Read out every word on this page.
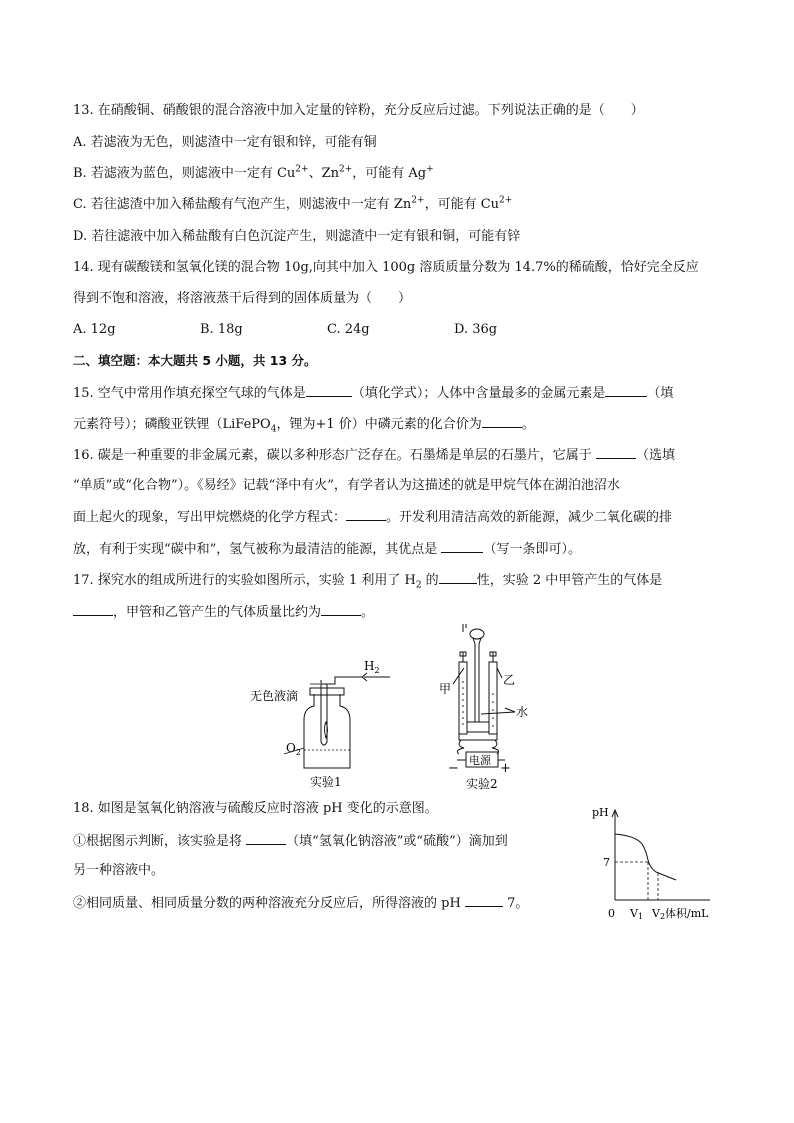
13. 在硝酸铜、硝酸银的混合溶液中加入定量的锌粉，充分反应后过滤。下列说法正确的是（　　）
A. 若滤液为无色，则滤渣中一定有银和锌，可能有铜
B. 若滤液为蓝色，则滤液中一定有 $Cu^{2+}$、$Zn^{2+}$，可能有 Ag+
C. 若往滤渣中加入稀盐酸有气泡产生，则滤液中一定有 $Zn^{2+}$，可能有 $Cu^{2+}$
D. 若往滤液中加入稀盐酸有白色沉淀产生，则滤渣中一定有银和铜，可能有锌
14. 现有碳酸镁和氢氧化镁的混合物 10g,向其中加入 100g 溶质质量分数为 14.7%的稀硫酸，恰好完全反应
得到不饱和溶液，将溶液蒸干后得到的固体质量为（　　）
A. 12g	B. 18g	C. 24g	D. 36g
二、填空题：本大题共 5 小题，共 13 分。
15. 空气中常用作填充探空气球的气体是	（填化学式）；人体中含量最多的金属元素是	（填
元素符号）；磷酸亚铁锂（LiFePO$_4$，锂为+1 价）中磷元素的化合价为	。
16. 碳是一种重要的非金属元素，碳以多种形态广泛存在。石墨烯是单层的石墨片，它属于	（选填
“单质”或“化合物”）。《易经》记载“泽中有火”，有学者认为这描述的就是甲烷气体在湖泊池沼水
面上起火的现象，写出甲烷燃烧的化学方程式：	。开发利用清洁高效的新能源，减少二氧化碳的排
放，有利于实现“碳中和”，氢气被称为最清洁的能源，其优点是	（写一条即可）。
17. 探究水的组成所进行的实验如图所示，实验 1 利用了 $H_2$ 的	性，实验 2 中甲管产生的气体是
，甲管和乙管产生的气体质量比约为	。
$H_2$
无色液滴
$O_2$
实验1
甲
乙
水
电源
−	+
实验2
18. 如图是氢氧化钠溶液与硫酸反应时溶液 pH 变化的示意图。
①根据图示判断，该实验是将	（填“氢氧化钠溶液”或“硫酸”）滴加到
另一种溶液中。
②相同质量、相同质量分数的两种溶液充分反应后，所得溶液的 pH	7。
pH
7
0 V1 V2体积/mL
